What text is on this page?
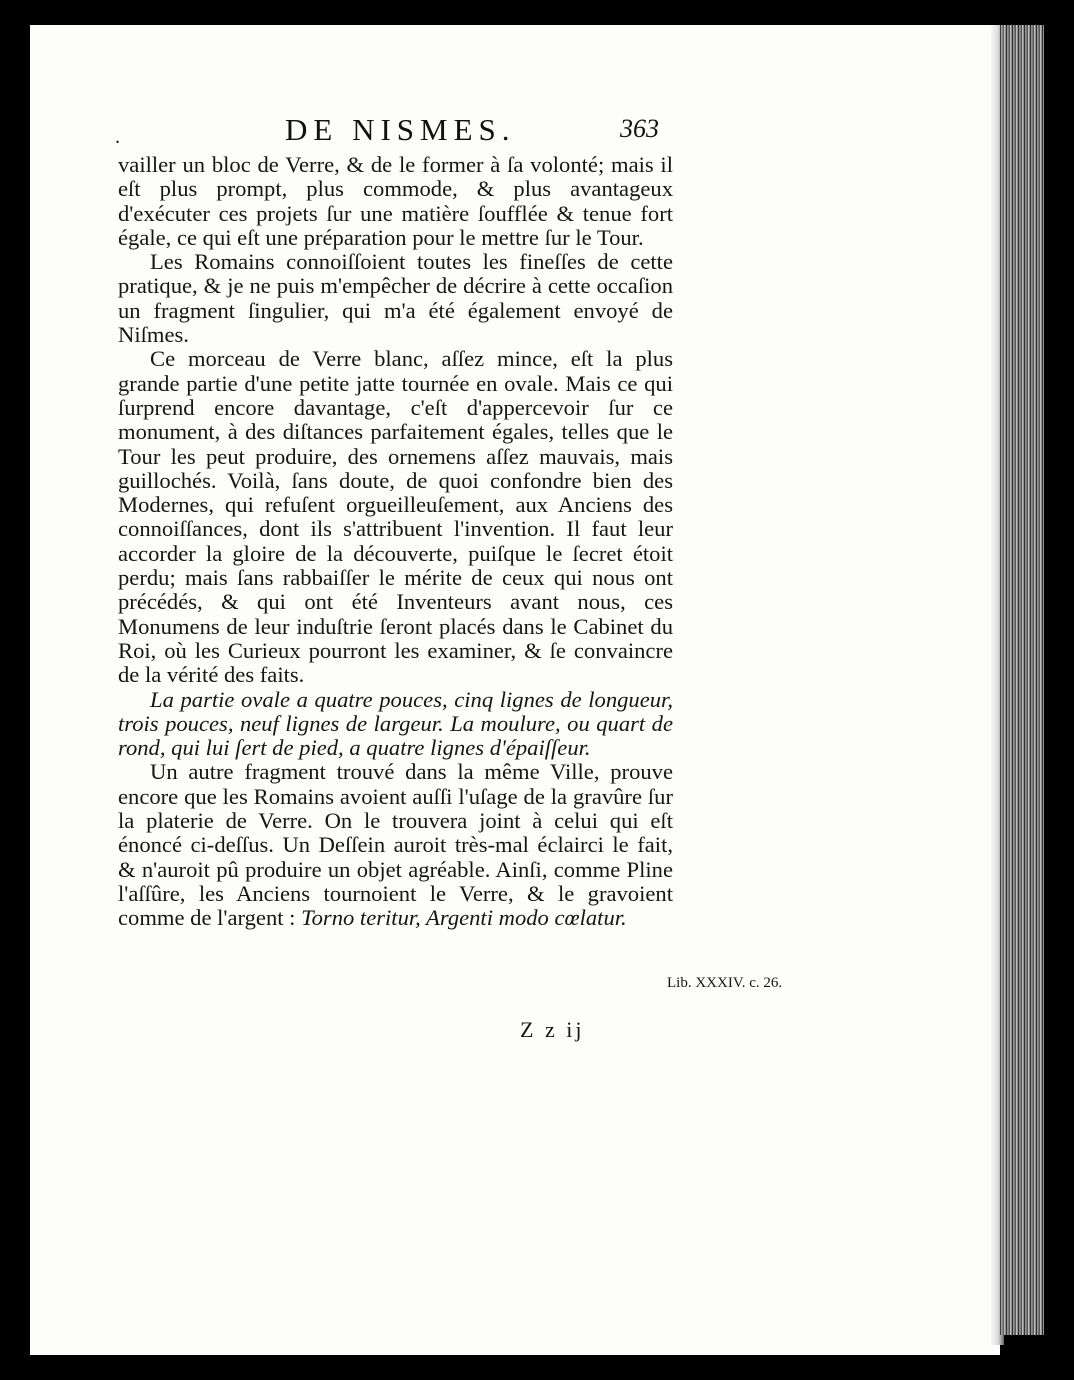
.	DE NISMES.	363

vailler un bloc de Verre, & de le former à ſa volonté; mais il eſt plus prompt, plus commode, & plus avantageux d'exécuter ces projets ſur une matière ſoufflée & tenue fort égale, ce qui eſt une préparation pour le mettre ſur le Tour.

Les Romains connoiſſoient toutes les fineſſes de cette pratique, & je ne puis m'empêcher de décrire à cette occaſion un fragment ſingulier, qui m'a été également envoyé de Niſmes.

Ce morceau de Verre blanc, aſſez mince, eſt la plus grande partie d'une petite jatte tournée en ovale. Mais ce qui ſurprend encore davantage, c'eſt d'appercevoir ſur ce monument, à des diſtances parfaitement égales, telles que le Tour les peut produire, des ornemens aſſez mauvais, mais guillochés. Voilà, ſans doute, de quoi confondre bien des Modernes, qui refuſent orgueilleuſement, aux Anciens des connoiſſances, dont ils s'attribuent l'invention. Il faut leur accorder la gloire de la découverte, puiſque le ſecret étoit perdu; mais ſans rabbaiſſer le mérite de ceux qui nous ont précédés, & qui ont été Inventeurs avant nous, ces Monumens de leur induſtrie ſeront placés dans le Cabinet du Roi, où les Curieux pourront les examiner, & ſe convaincre de la vérité des faits.

La partie ovale a quatre pouces, cinq lignes de longueur, trois pouces, neuf lignes de largeur. La moulure, ou quart de rond, qui lui ſert de pied, a quatre lignes d'épaiſſeur.

Un autre fragment trouvé dans la même Ville, prouve encore que les Romains avoient auſſi l'uſage de la gravûre ſur la platerie de Verre. On le trouvera joint à celui qui eſt énoncé ci-deſſus. Un Deſſein auroit très-mal éclairci le fait, & n'auroit pû produire un objet agréable. Ainſi, comme Pline l'aſſûre, les Anciens tournoient le Verre, & le gravoient comme de l'argent : Torno teritur, Argenti modo cœlatur.

Lib. XXXIV. c. 26.
Z z ij
